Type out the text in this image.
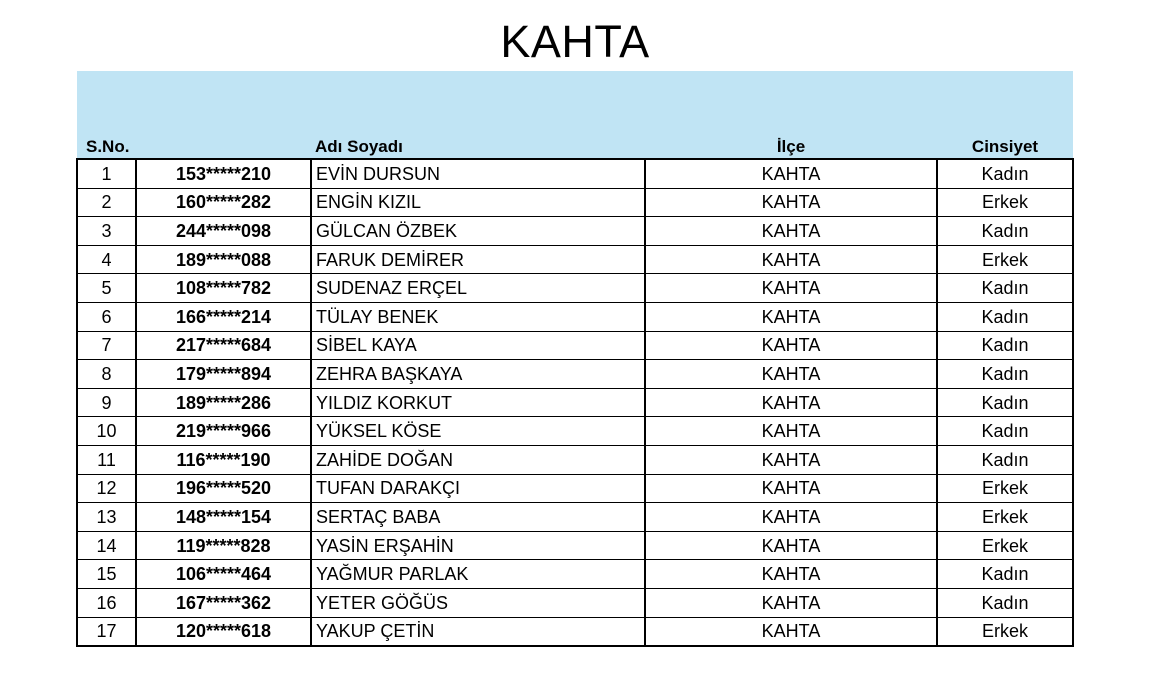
KAHTA
S.No.		Adı Soyadı	İlçe	Cinsiyet
1	153*****210	EVİN DURSUN	KAHTA	Kadın
2	160*****282	ENGİN KIZIL	KAHTA	Erkek
3	244*****098	GÜLCAN ÖZBEK	KAHTA	Kadın
4	189*****088	FARUK DEMİRER	KAHTA	Erkek
5	108*****782	SUDENAZ ERÇEL	KAHTA	Kadın
6	166*****214	TÜLAY BENEK	KAHTA	Kadın
7	217*****684	SİBEL KAYA	KAHTA	Kadın
8	179*****894	ZEHRA BAŞKAYA	KAHTA	Kadın
9	189*****286	YILDIZ KORKUT	KAHTA	Kadın
10	219*****966	YÜKSEL KÖSE	KAHTA	Kadın
11	116*****190	ZAHİDE DOĞAN	KAHTA	Kadın
12	196*****520	TUFAN DARAKÇI	KAHTA	Erkek
13	148*****154	SERTAÇ BABA	KAHTA	Erkek
14	119*****828	YASİN ERŞAHİN	KAHTA	Erkek
15	106*****464	YAĞMUR PARLAK	KAHTA	Kadın
16	167*****362	YETER GÖĞÜS	KAHTA	Kadın
17	120*****618	YAKUP ÇETİN	KAHTA	Erkek
